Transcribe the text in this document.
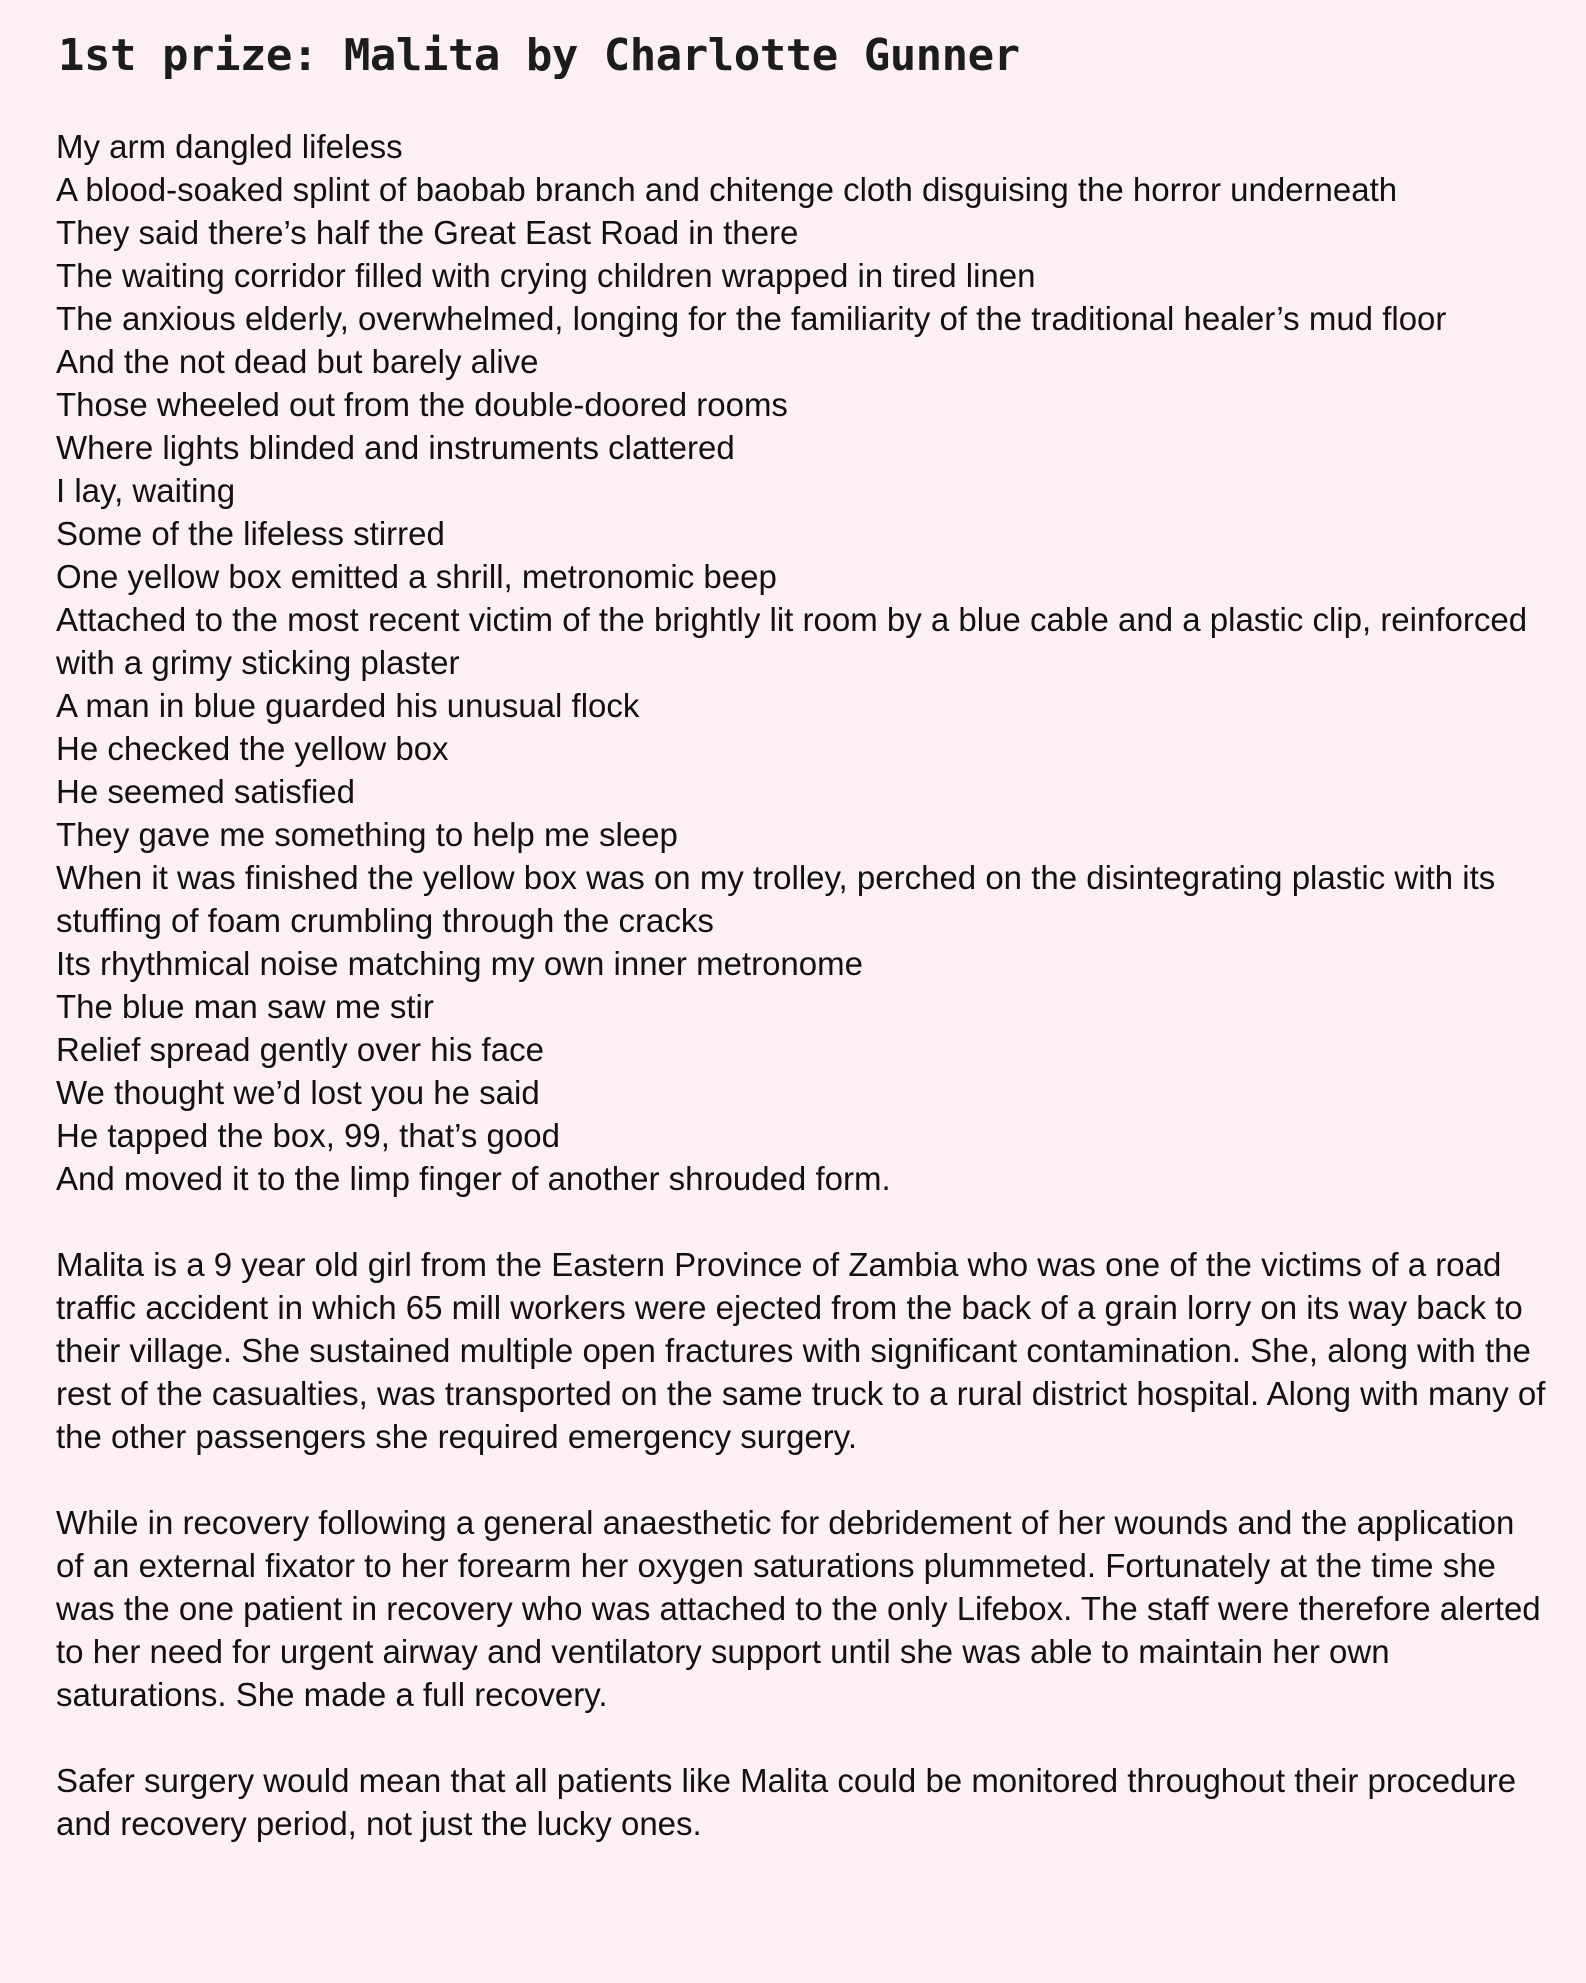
1st prize: Malita by Charlotte Gunner
My arm dangled lifeless
A blood-soaked splint of baobab branch and chitenge cloth disguising the horror underneath
They said there’s half the Great East Road in there
The waiting corridor filled with crying children wrapped in tired linen
The anxious elderly, overwhelmed, longing for the familiarity of the traditional healer’s mud floor
And the not dead but barely alive
Those wheeled out from the double-doored rooms
Where lights blinded and instruments clattered
I lay, waiting
Some of the lifeless stirred
One yellow box emitted a shrill, metronomic beep
Attached to the most recent victim of the brightly lit room by a blue cable and a plastic clip, reinforced with a grimy sticking plaster
A man in blue guarded his unusual flock
He checked the yellow box
He seemed satisfied
They gave me something to help me sleep
When it was finished the yellow box was on my trolley, perched on the disintegrating plastic with its stuffing of foam crumbling through the cracks
Its rhythmical noise matching my own inner metronome
The blue man saw me stir
Relief spread gently over his face
We thought we’d lost you he said
He tapped the box, 99, that’s good
And moved it to the limp finger of another shrouded form.

Malita is a 9 year old girl from the Eastern Province of Zambia who was one of the victims of a road traffic accident in which 65 mill workers were ejected from the back of a grain lorry on its way back to their village. She sustained multiple open fractures with significant contamination. She, along with the rest of the casualties, was transported on the same truck to a rural district hospital. Along with many of the other passengers she required emergency surgery.

While in recovery following a general anaesthetic for debridement of her wounds and the application of an external fixator to her forearm her oxygen saturations plummeted. Fortunately at the time she was the one patient in recovery who was attached to the only Lifebox. The staff were therefore alerted to her need for urgent airway and ventilatory support until she was able to maintain her own saturations. She made a full recovery.

Safer surgery would mean that all patients like Malita could be monitored throughout their procedure and recovery period, not just the lucky ones.
